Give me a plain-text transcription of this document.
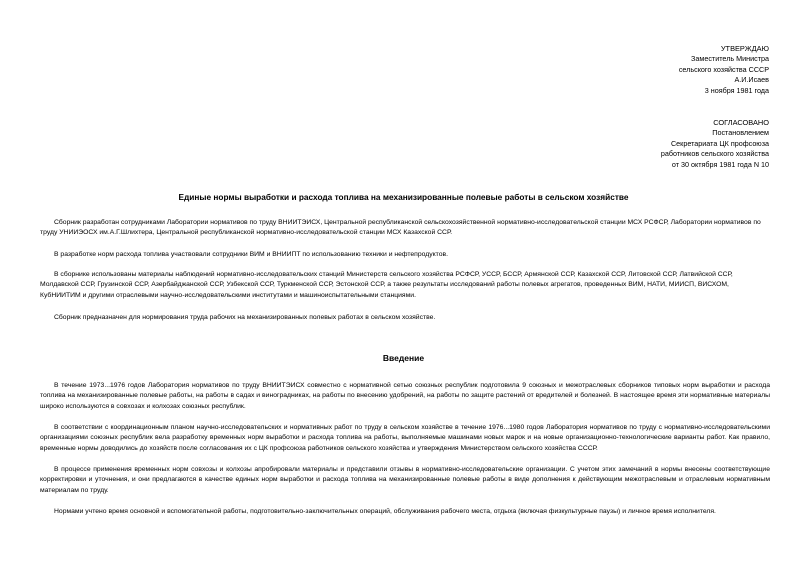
УТВЕРЖДАЮ
Заместитель Министра
сельского хозяйства СССР
А.И.Исаев
3 ноября 1981 года
СОГЛАСОВАНО
Постановлением
Секретариата ЦК профсоюза
работников сельского хозяйства
от 30 октября 1981 года N 10
Единые нормы выработки и расхода топлива на механизированные полевые работы в сельском хозяйстве

Сборник разработан сотрудниками Лаборатории нормативов по труду ВНИИТЭИСХ, Центральной республиканской сельскохозяйственной нормативно-исследовательской станции МСХ РСФСР, Лаборатории нормативов по труду УНИИЭОСХ им.А.Г.Шлихтера, Центральной республиканской нормативно-исследовательской станции МСХ Казахской ССР.

В разработке норм расхода топлива участвовали сотрудники ВИМ и ВНИИПТ по использованию техники и нефтепродуктов.

В сборнике использованы материалы наблюдений нормативно-исследовательских станций Министерств сельского хозяйства РСФСР, УССР, БССР, Армянской ССР, Казахской ССР, Литовской ССР, Латвийской ССР, Молдавской ССР, Грузинской ССР, Азербайджанской ССР, Узбекской ССР, Туркменской ССР, Эстонской ССР, а также результаты исследований работы полевых агрегатов, проведенных ВИМ, НАТИ, МИИСП, ВИСХОМ, КубНИИТИМ и другими отраслевыми научно-исследовательскими институтами и машиноиспытательными станциями.

Сборник предназначен для нормирования труда рабочих на механизированных полевых работах в сельском хозяйстве.

Введение

В течение 1973...1976 годов Лаборатория нормативов по труду ВНИИТЭИСХ совместно с нормативной сетью союзных республик подготовила 9 союзных и межотраслевых сборников типовых норм выработки и расхода топлива на механизированные полевые работы, на работы в садах и виноградниках, на работы по внесению удобрений, на работы по защите растений от вредителей и болезней. В настоящее время эти нормативные материалы широко используются в совхозах и колхозах союзных республик.

В соответствии с координационным планом научно-исследовательских и нормативных работ по труду в сельском хозяйстве в течение 1976...1980 годов Лаборатория нормативов по труду с нормативно-исследовательскими организациями союзных республик вела разработку временных норм выработки и расхода топлива на работы, выполняемые машинами новых марок и на новые организационно-технологические варианты работ. Как правило, временные нормы доводились до хозяйств после согласования их с ЦК профсоюза работников сельского хозяйства и утверждения Министерством сельского хозяйства СССР.

В процессе применения временных норм совхозы и колхозы апробировали материалы и представили отзывы в нормативно-исследовательские организации. С учетом этих замечаний в нормы внесены соответствующие корректировки и уточнения, и они предлагаются в качестве единых норм выработки и расхода топлива на механизированные полевые работы в виде дополнения к действующим межотраслевым и отраслевым нормативным материалам по труду.

Нормами учтено время основной и вспомогательной работы, подготовительно-заключительных операций, обслуживания рабочего места, отдыха (включая физкультурные паузы) и личное время исполнителя.
